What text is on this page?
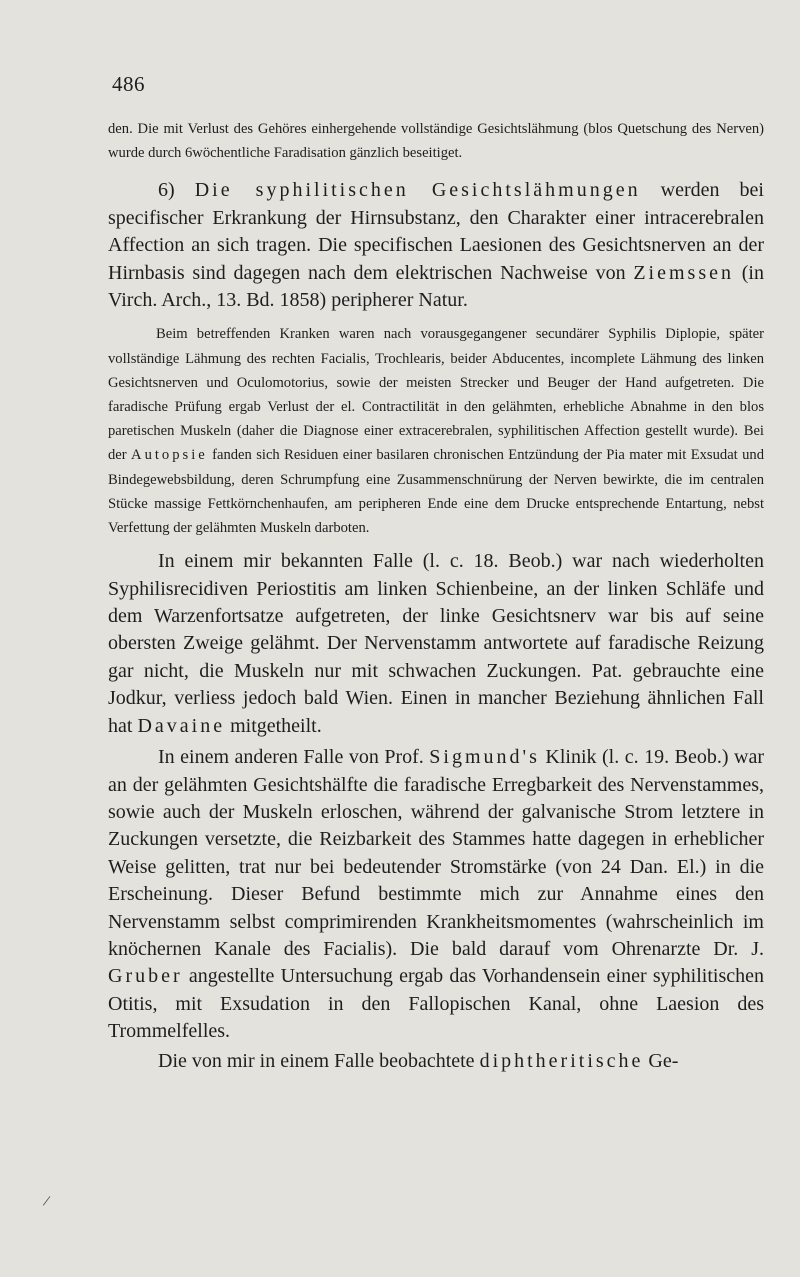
486

den. Die mit Verlust des Gehöres einhergehende vollständige Gesichtslähmung (blos Quetschung des Nerven) wurde durch 6wöchentliche Faradisation gänzlich beseitiget.

6) Die syphilitischen Gesichtslähmungen werden bei specifischer Erkrankung der Hirnsubstanz, den Charakter einer intracerebralen Affection an sich tragen. Die specifischen Laesionen des Gesichtsnerven an der Hirnbasis sind dagegen nach dem elektrischen Nachweise von Ziemssen (in Virch. Arch., 13. Bd. 1858) peripherer Natur.

Beim betreffenden Kranken waren nach vorausgegangener secundärer Syphilis Diplopie, später vollständige Lähmung des rechten Facialis, Trochlearis, beider Abducentes, incomplete Lähmung des linken Gesichtsnerven und Oculomotorius, sowie der meisten Strecker und Beuger der Hand aufgetreten. Die faradische Prüfung ergab Verlust der el. Contractilität in den gelähmten, erhebliche Abnahme in den blos paretischen Muskeln (daher die Diagnose einer extracerebralen, syphilitischen Affection gestellt wurde). Bei der Autopsie fanden sich Residuen einer basilaren chronischen Entzündung der Pia mater mit Exsudat und Bindegewebsbildung, deren Schrumpfung eine Zusammenschnürung der Nerven bewirkte, die im centralen Stücke massige Fettkörnchenhaufen, am peripheren Ende eine dem Drucke entsprechende Entartung, nebst Verfettung der gelähmten Muskeln darboten.

In einem mir bekannten Falle (l. c. 18. Beob.) war nach wiederholten Syphilisrecidiven Periostitis am linken Schienbeine, an der linken Schläfe und dem Warzenfortsatze aufgetreten, der linke Gesichtsnerv war bis auf seine obersten Zweige gelähmt. Der Nervenstamm antwortete auf faradische Reizung gar nicht, die Muskeln nur mit schwachen Zuckungen. Pat. gebrauchte eine Jodkur, verliess jedoch bald Wien. Einen in mancher Beziehung ähnlichen Fall hat Davaine mitgetheilt.

In einem anderen Falle von Prof. Sigmund's Klinik (l. c. 19. Beob.) war an der gelähmten Gesichtshälfte die faradische Erregbarkeit des Nervenstammes, sowie auch der Muskeln erloschen, während der galvanische Strom letztere in Zuckungen versetzte, die Reizbarkeit des Stammes hatte dagegen in erheblicher Weise gelitten, trat nur bei bedeutender Stromstärke (von 24 Dan. El.) in die Erscheinung. Dieser Befund bestimmte mich zur Annahme eines den Nervenstamm selbst comprimirenden Krankheitsmomentes (wahrscheinlich im knöchernen Kanale des Facialis). Die bald darauf vom Ohrenarzte Dr. J. Gruber angestellte Untersuchung ergab das Vorhandensein einer syphilitischen Otitis, mit Exsudation in den Fallopischen Kanal, ohne Laesion des Trommelfelles.

Die von mir in einem Falle beobachtete diphtheritische Ge-

/
